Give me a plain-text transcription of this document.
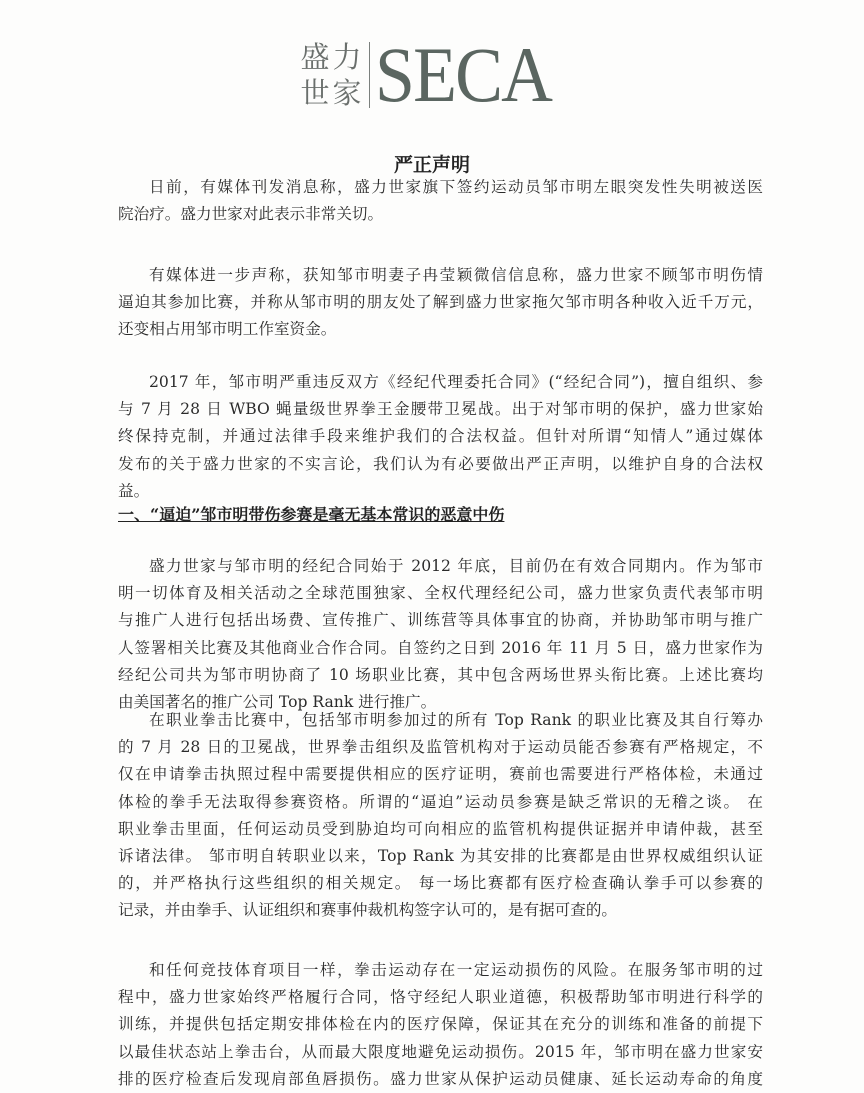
盛 力
世 家 SECA
严正声明
日前，有媒体刊发消息称，盛力世家旗下签约运动员邹市明左眼突发性失明被送医
院治疗。盛力世家对此表示非常关切。
有媒体进一步声称，获知邹市明妻子冉莹颖微信信息称，盛力世家不顾邹市明伤情
逼迫其参加比赛，并称从邹市明的朋友处了解到盛力世家拖欠邹市明各种收入近千万元，
还变相占用邹市明工作室资金。
2017 年，邹市明严重违反双方《经纪代理委托合同》(“经纪合同”)，擅自组织、参
与 7 月 28 日 WBO 蝇量级世界拳王金腰带卫冕战。出于对邹市明的保护，盛力世家始
终保持克制，并通过法律手段来维护我们的合法权益。但针对所谓“知情人”通过媒体
发布的关于盛力世家的不实言论，我们认为有必要做出严正声明，以维护自身的合法权
益。
一、“逼迫”邹市明带伤参赛是毫无基本常识的恶意中伤
盛力世家与邹市明的经纪合同始于 2012 年底，目前仍在有效合同期内。作为邹市
明一切体育及相关活动之全球范围独家、全权代理经纪公司，盛力世家负责代表邹市明
与推广人进行包括出场费、宣传推广、训练营等具体事宜的协商，并协助邹市明与推广
人签署相关比赛及其他商业合作合同。自签约之日到 2016 年 11 月 5 日，盛力世家作为
经纪公司共为邹市明协商了 10 场职业比赛，其中包含两场世界头衔比赛。上述比赛均
由美国著名的推广公司 Top Rank 进行推广。
在职业拳击比赛中，包括邹市明参加过的所有 Top Rank 的职业比赛及其自行筹办
的 7 月 28 日的卫冕战，世界拳击组织及监管机构对于运动员能否参赛有严格规定，不
仅在申请拳击执照过程中需要提供相应的医疗证明，赛前也需要进行严格体检，未通过
体检的拳手无法取得参赛资格。所谓的“逼迫”运动员参赛是缺乏常识的无稽之谈。 在
职业拳击里面，任何运动员受到胁迫均可向相应的监管机构提供证据并申请仲裁，甚至
诉诸法律。 邹市明自转职业以来，Top Rank 为其安排的比赛都是由世界权威组织认证
的，并严格执行这些组织的相关规定。 每一场比赛都有医疗检查确认拳手可以参赛的
记录，并由拳手、认证组织和赛事仲裁机构签字认可的，是有据可查的。
和任何竞技体育项目一样，拳击运动存在一定运动损伤的风险。在服务邹市明的过
程中，盛力世家始终严格履行合同，恪守经纪人职业道德，积极帮助邹市明进行科学的
训练，并提供包括定期安排体检在内的医疗保障，保证其在充分的训练和准备的前提下
以最佳状态站上拳击台，从而最大限度地避免运动损伤。2015 年，邹市明在盛力世家安
排的医疗检查后发现肩部鱼唇损伤。盛力世家从保护运动员健康、延长运动寿命的角度
